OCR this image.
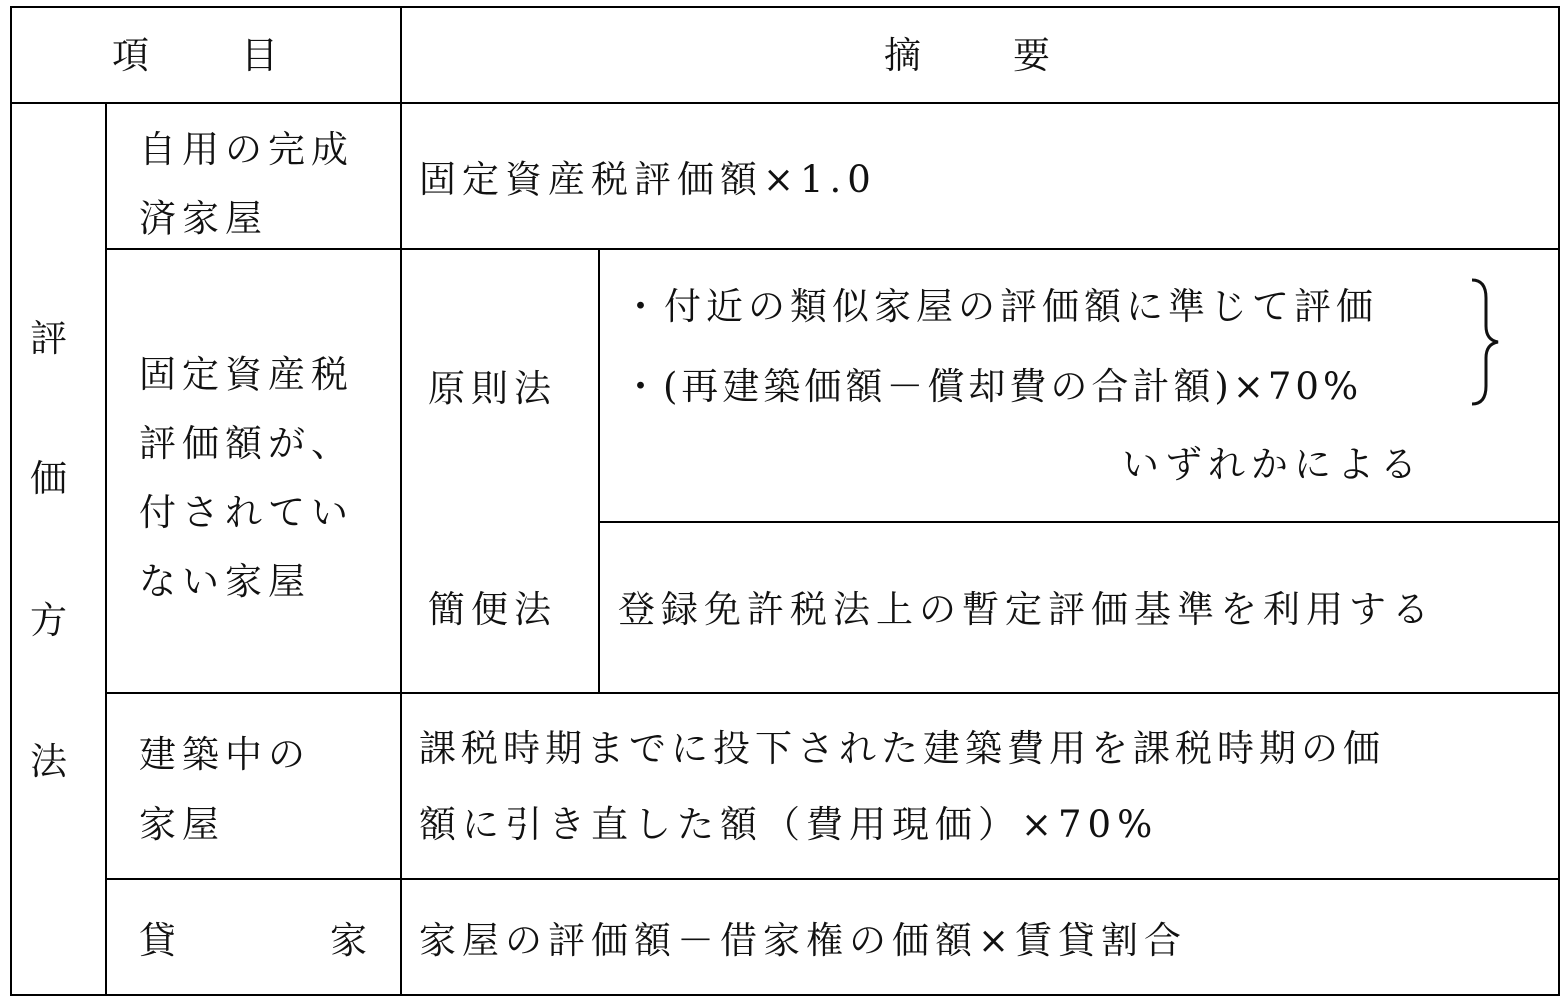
項　　目	摘　　要
評
価
方
法
自用の完成
済家屋
固定資産税評価額×1.0
固定資産税
評価額が、
付されてい
ない家屋
原則法
・付近の類似家屋の評価額に準じて評価
・(再建築価額－償却費の合計額)×70%
いずれかによる
簡便法 登録免許税法上の暫定評価基準を利用する
建築中の
家屋
課税時期までに投下された建築費用を課税時期の価
額に引き直した額（費用現価）×70%
貸	家 家屋の評価額－借家権の価額×賃貸割合
